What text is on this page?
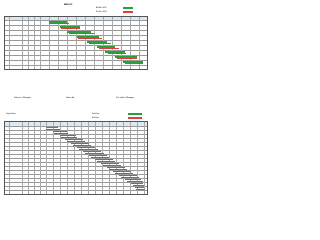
BIỂU ĐỒ
Bắt đầu: 01/05
Kết thúc: 30/12
Kiểm tra / Manager	Giám đốc	Xác nhận / Manager
Project Name	Start Date:
End Date:
